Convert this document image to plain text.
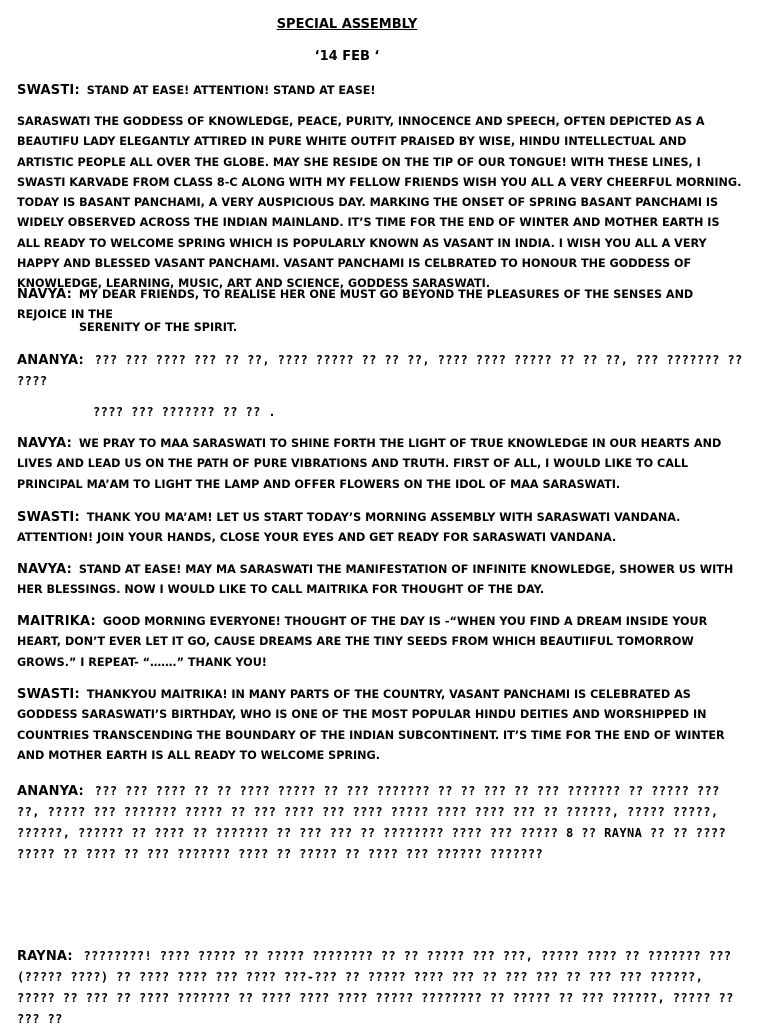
SPECIAL ASSEMBLY

‘14 FEB ‘

SWASTI: STAND AT EASE! ATTENTION! STAND AT EASE!

SARASWATI THE GODDESS OF KNOWLEDGE, PEACE, PURITY, INNOCENCE AND SPEECH, OFTEN DEPICTED AS A BEAUTIFU LADY ELEGANTLY ATTIRED IN PURE WHITE OUTFIT PRAISED BY WISE, HINDU INTELLECTUAL AND ARTISTIC PEOPLE ALL OVER THE GLOBE. MAY SHE RESIDE ON THE TIP OF OUR TONGUE! WITH THESE LINES, I SWASTI KARVADE FROM CLASS 8-C ALONG WITH MY FELLOW FRIENDS WISH YOU ALL A VERY CHEERFUL MORNING. TODAY IS BASANT PANCHAMI, A VERY AUSPICIOUS DAY. MARKING THE ONSET OF SPRING BASANT PANCHAMI IS WIDELY OBSERVED ACROSS THE INDIAN MAINLAND. IT’S TIME FOR THE END OF WINTER AND MOTHER EARTH IS ALL READY TO WELCOME SPRING WHICH IS POPULARLY KNOWN AS VASANT IN INDIA. I WISH YOU ALL A VERY HAPPY AND BLESSED VASANT PANCHAMI. VASANT PANCHAMI IS CELBRATED TO HONOUR THE GODDESS OF KNOWLEDGE, LEARNING, MUSIC, ART AND SCIENCE, GODDESS SARASWATI.

NAVYA: MY DEAR FRIENDS, TO REALISE HER ONE MUST GO BEYOND THE PLEASURES OF THE SENSES AND REJOICE IN THE

SERENITY OF THE SPIRIT.

ANANYA: ??? ??? ???? ??? ?? ??, ???? ????? ?? ?? ??, ???? ???? ????? ?? ?? ??, ??? ??????? ?? ????

???? ??? ??????? ?? ?? .

NAVYA: WE PRAY TO MAA SARASWATI TO SHINE FORTH THE LIGHT OF TRUE KNOWLEDGE IN OUR HEARTS AND LIVES AND LEAD US ON THE PATH OF PURE VIBRATIONS AND TRUTH. FIRST OF ALL, I WOULD LIKE TO CALL PRINCIPAL MA’AM TO LIGHT THE LAMP AND OFFER FLOWERS ON THE IDOL OF MAA SARASWATI.

SWASTI: THANK YOU MA’AM! LET US START TODAY’S MORNING ASSEMBLY WITH SARASWATI VANDANA. ATTENTION! JOIN YOUR HANDS, CLOSE YOUR EYES AND GET READY FOR SARASWATI VANDANA.

NAVYA: STAND AT EASE! MAY MA SARASWATI THE MANIFESTATION OF INFINITE KNOWLEDGE, SHOWER US WITH HER BLESSINGS. NOW I WOULD LIKE TO CALL MAITRIKA FOR THOUGHT OF THE DAY.

MAITRIKA: GOOD MORNING EVERYONE! THOUGHT OF THE DAY IS -“WHEN YOU FIND A DREAM INSIDE YOUR HEART, DON’T EVER LET IT GO, CAUSE DREAMS ARE THE TINY SEEDS FROM WHICH BEAUTIIFUL TOMORROW GROWS.” I REPEAT- “…….” THANK YOU!

SWASTI: THANKYOU MAITRIKA! IN MANY PARTS OF THE COUNTRY, VASANT PANCHAMI IS CELEBRATED AS GODDESS SARASWATI’S BIRTHDAY, WHO IS ONE OF THE MOST POPULAR HINDU DEITIES AND WORSHIPPED IN COUNTRIES TRANSCENDING THE BOUNDARY OF THE INDIAN SUBCONTINENT. IT’S TIME FOR THE END OF WINTER AND MOTHER EARTH IS ALL READY TO WELCOME SPRING.

ANANYA: ??? ??? ???? ?? ?? ???? ????? ?? ??? ??????? ?? ?? ??? ?? ??? ??????? ?? ????? ??? ??, ????? ??? ??????? ????? ?? ??? ???? ??? ???? ????? ???? ???? ??? ?? ??????, ????? ?????, ??????, ?????? ?? ???? ?? ??????? ?? ??? ??? ?? ???????? ???? ??? ????? 8 ?? RAYNA ?? ?? ???? ????? ?? ???? ?? ??? ??????? ???? ?? ????? ?? ???? ??? ?????? ???????

RAYNA: ????????! ???? ????? ?? ????? ???????? ?? ?? ????? ??? ???, ????? ???? ?? ??????? ??? (????? ????) ?? ???? ???? ??? ???? ???-??? ?? ????? ???? ??? ?? ??? ??? ?? ??? ??? ??????, ????? ?? ??? ?? ???? ??????? ?? ???? ???? ???? ????? ???????? ?? ????? ?? ??? ??????, ????? ?? ??? ??
